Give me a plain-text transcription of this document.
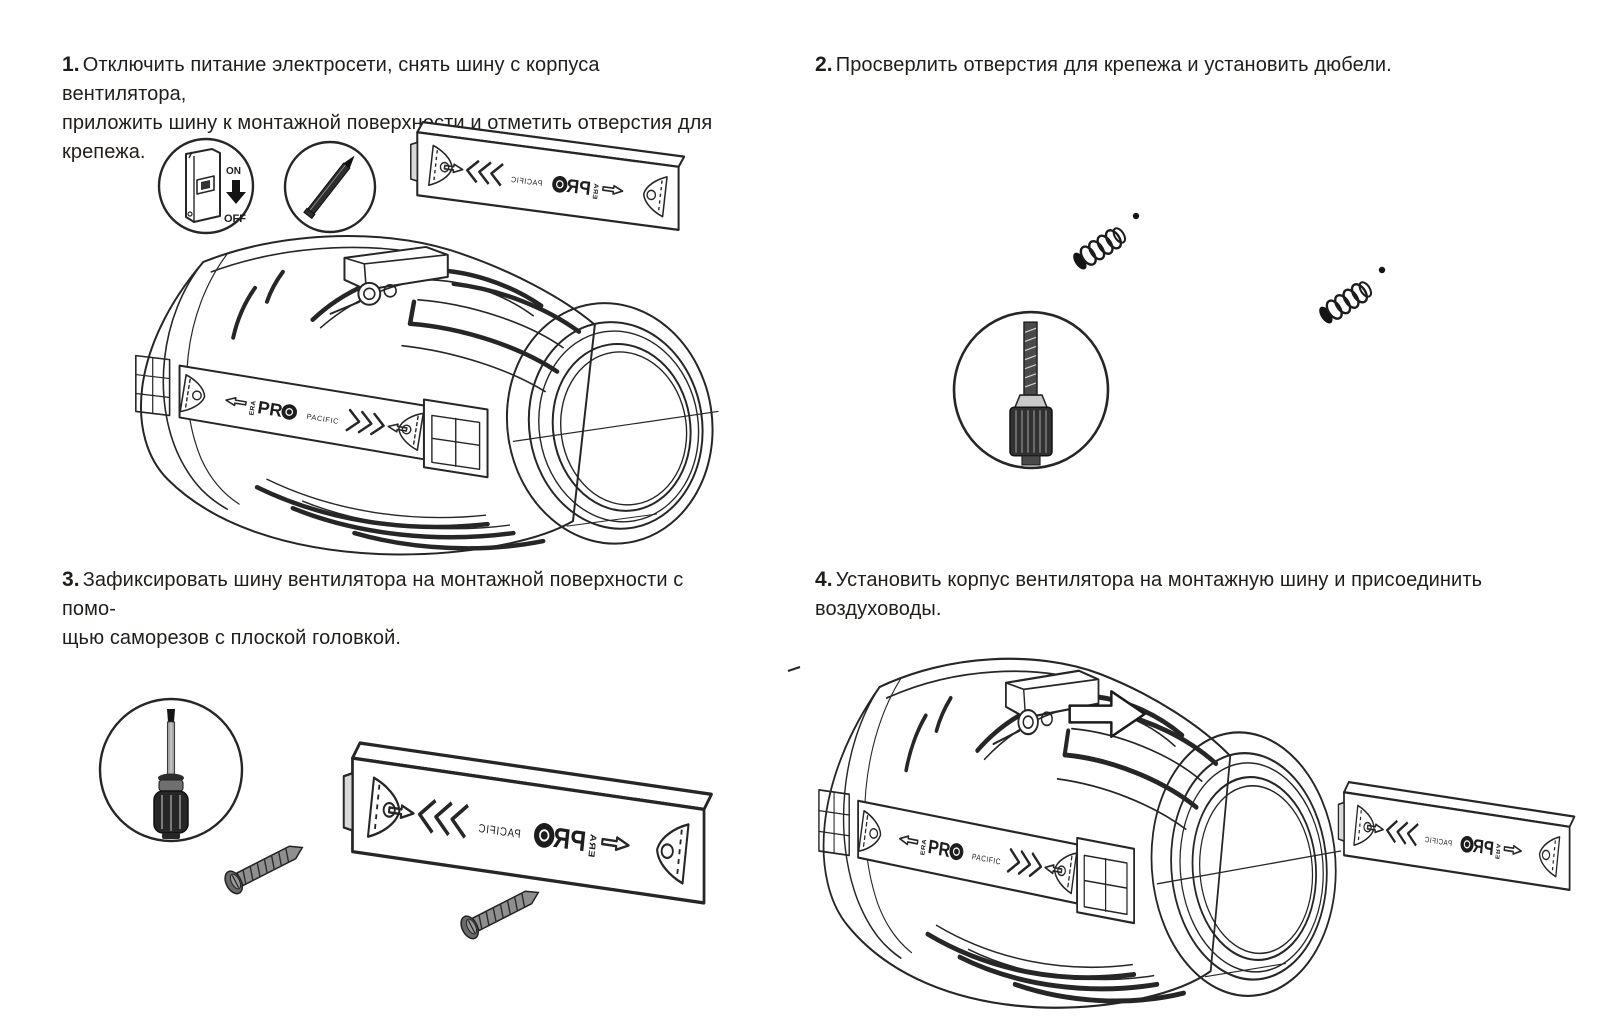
1. Отключить питание электросети, снять шину с корпуса вентилятора,
приложить шину к монтажной поверхности и отметить отверстия для
крепежа.
2. Просверлить отверстия для крепежа и установить дюбели.
3. Зафиксировать шину вентилятора на монтажной поверхности с помо-
щью саморезов с плоской головкой.
4. Установить корпус вентилятора на монтажную шину и присоединить
воздуховоды.
